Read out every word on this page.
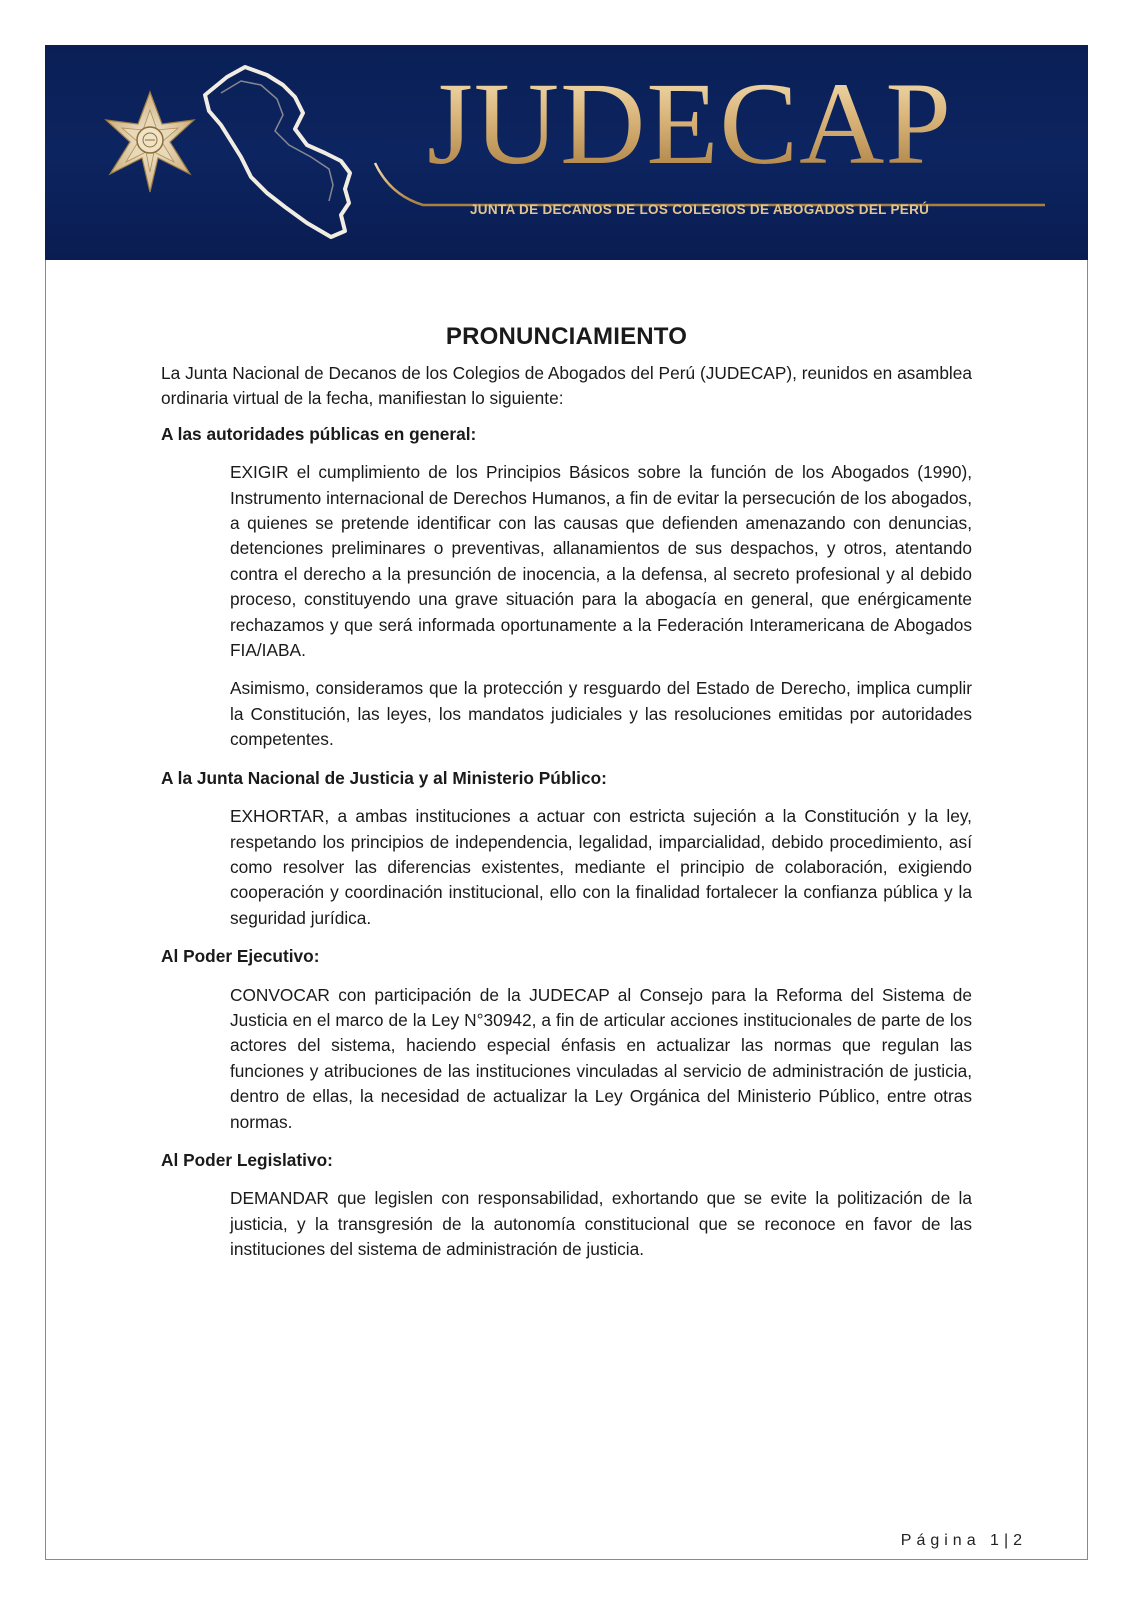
JUDECAP
JUNTA DE DECANOS DE LOS COLEGIOS DE ABOGADOS DEL PERÚ
PRONUNCIAMIENTO

La Junta Nacional de Decanos de los Colegios de Abogados del Perú (JUDECAP), reunidos en asamblea ordinaria virtual de la fecha, manifiestan lo siguiente:

A las autoridades públicas en general:

EXIGIR el cumplimiento de los Principios Básicos sobre la función de los Abogados (1990), Instrumento internacional de Derechos Humanos, a fin de evitar la persecución de los abogados, a quienes se pretende identificar con las causas que defienden amenazando con denuncias, detenciones preliminares o preventivas, allanamientos de sus despachos, y otros, atentando contra el derecho a la presunción de inocencia, a la defensa, al secreto profesional y al debido proceso, constituyendo una grave situación para la abogacía en general, que enérgicamente rechazamos y que será informada oportunamente a la Federación Interamericana de Abogados FIA/IABA.

Asimismo, consideramos que la protección y resguardo del Estado de Derecho, implica cumplir la Constitución, las leyes, los mandatos judiciales y las resoluciones emitidas por autoridades competentes.

A la Junta Nacional de Justicia y al Ministerio Público:

EXHORTAR, a ambas instituciones a actuar con estricta sujeción a la Constitución y la ley, respetando los principios de independencia, legalidad, imparcialidad, debido procedimiento, así como resolver las diferencias existentes, mediante el principio de colaboración, exigiendo cooperación y coordinación institucional, ello con la finalidad fortalecer la confianza pública y la seguridad jurídica.

Al Poder Ejecutivo:

CONVOCAR con participación de la JUDECAP al Consejo para la Reforma del Sistema de Justicia en el marco de la Ley N°30942, a fin de articular acciones institucionales de parte de los actores del sistema, haciendo especial énfasis en actualizar las normas que regulan las funciones y atribuciones de las instituciones vinculadas al servicio de administración de justicia, dentro de ellas, la necesidad de actualizar la Ley Orgánica del Ministerio Público, entre otras normas.

Al Poder Legislativo:

DEMANDAR que legislen con responsabilidad, exhortando que se evite la politización de la justicia, y la transgresión de la autonomía constitucional que se reconoce en favor de las instituciones del sistema de administración de justicia.

Página 1|2
